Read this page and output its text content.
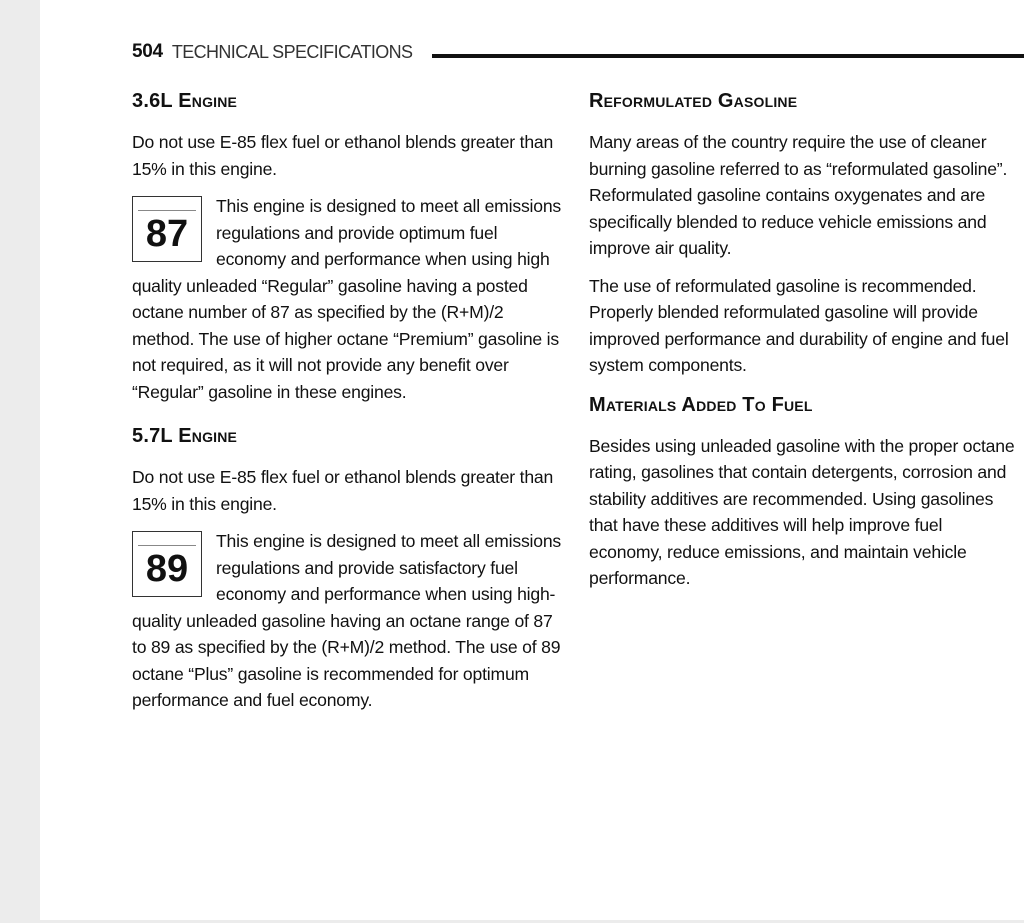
504 TECHNICAL SPECIFICATIONS
3.6L Engine

Do not use E-85 flex fuel or ethanol blends greater than 15% in this engine.

87

This engine is designed to meet all emissions regulations and provide optimum fuel economy and performance when using high quality unleaded “Regular” gasoline having a posted octane number of 87 as specified by the (R+M)/2 method. The use of higher octane “Premium” gasoline is not required, as it will not provide any benefit over “Regular” gasoline in these engines.

5.7L Engine

Do not use E-85 flex fuel or ethanol blends greater than 15% in this engine.

89

This engine is designed to meet all emissions regulations and provide satisfactory fuel economy and performance when using high-quality unleaded gasoline having an octane range of 87 to 89 as specified by the (R+M)/2 method. The use of 89 octane “Plus” gasoline is recommended for optimum performance and fuel economy.

Reformulated Gasoline

Many areas of the country require the use of cleaner burning gasoline referred to as “reformulated gasoline”. Reformulated gasoline contains oxygenates and are specifically blended to reduce vehicle emissions and improve air quality.

The use of reformulated gasoline is recommended. Properly blended reformulated gasoline will provide improved performance and durability of engine and fuel system components.

Materials Added To Fuel

Besides using unleaded gasoline with the proper octane rating, gasolines that contain detergents, corrosion and stability additives are recommended. Using gasolines that have these additives will help improve fuel economy, reduce emissions, and maintain vehicle performance.
